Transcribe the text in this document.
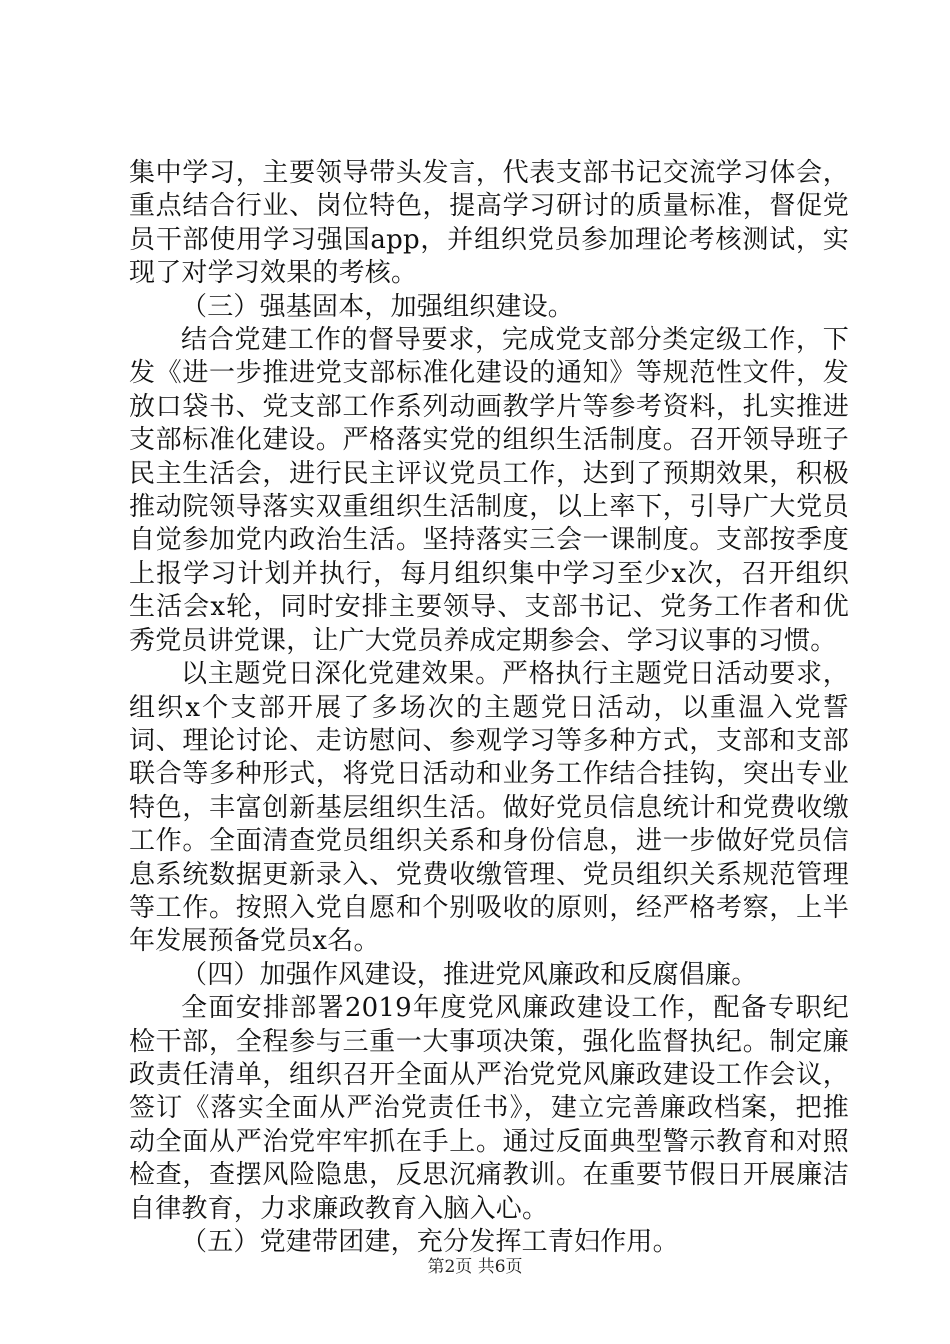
集中学习，主要领导带头发言，代表支部书记交流学习体会，重点结合行业、岗位特色，提高学习研讨的质量标准，督促党员干部使用学习强国app，并组织党员参加理论考核测试，实现了对学习效果的考核。

（三）强基固本，加强组织建设。

结合党建工作的督导要求，完成党支部分类定级工作，下发《进一步推进党支部标准化建设的通知》等规范性文件，发放口袋书、党支部工作系列动画教学片等参考资料，扎实推进支部标准化建设。严格落实党的组织生活制度。召开领导班子民主生活会，进行民主评议党员工作，达到了预期效果，积极推动院领导落实双重组织生活制度，以上率下，引导广大党员自觉参加党内政治生活。坚持落实三会一课制度。支部按季度上报学习计划并执行，每月组织集中学习至少x次，召开组织生活会x轮，同时安排主要领导、支部书记、党务工作者和优秀党员讲党课，让广大党员养成定期参会、学习议事的习惯。

以主题党日深化党建效果。严格执行主题党日活动要求，组织x个支部开展了多场次的主题党日活动，以重温入党誓词、理论讨论、走访慰问、参观学习等多种方式，支部和支部联合等多种形式，将党日活动和业务工作结合挂钩，突出专业特色，丰富创新基层组织生活。做好党员信息统计和党费收缴工作。全面清查党员组织关系和身份信息，进一步做好党员信息系统数据更新录入、党费收缴管理、党员组织关系规范管理等工作。按照入党自愿和个别吸收的原则，经严格考察，上半年发展预备党员x名。

（四）加强作风建设，推进党风廉政和反腐倡廉。

全面安排部署2019年度党风廉政建设工作，配备专职纪检干部，全程参与三重一大事项决策，强化监督执纪。制定廉政责任清单，组织召开全面从严治党党风廉政建设工作会议，签订《落实全面从严治党责任书》，建立完善廉政档案，把推动全面从严治党牢牢抓在手上。通过反面典型警示教育和对照检查，查摆风险隐患，反思沉痛教训。在重要节假日开展廉洁自律教育，力求廉政教育入脑入心。

（五）党建带团建，充分发挥工青妇作用。

第2页 共6页
